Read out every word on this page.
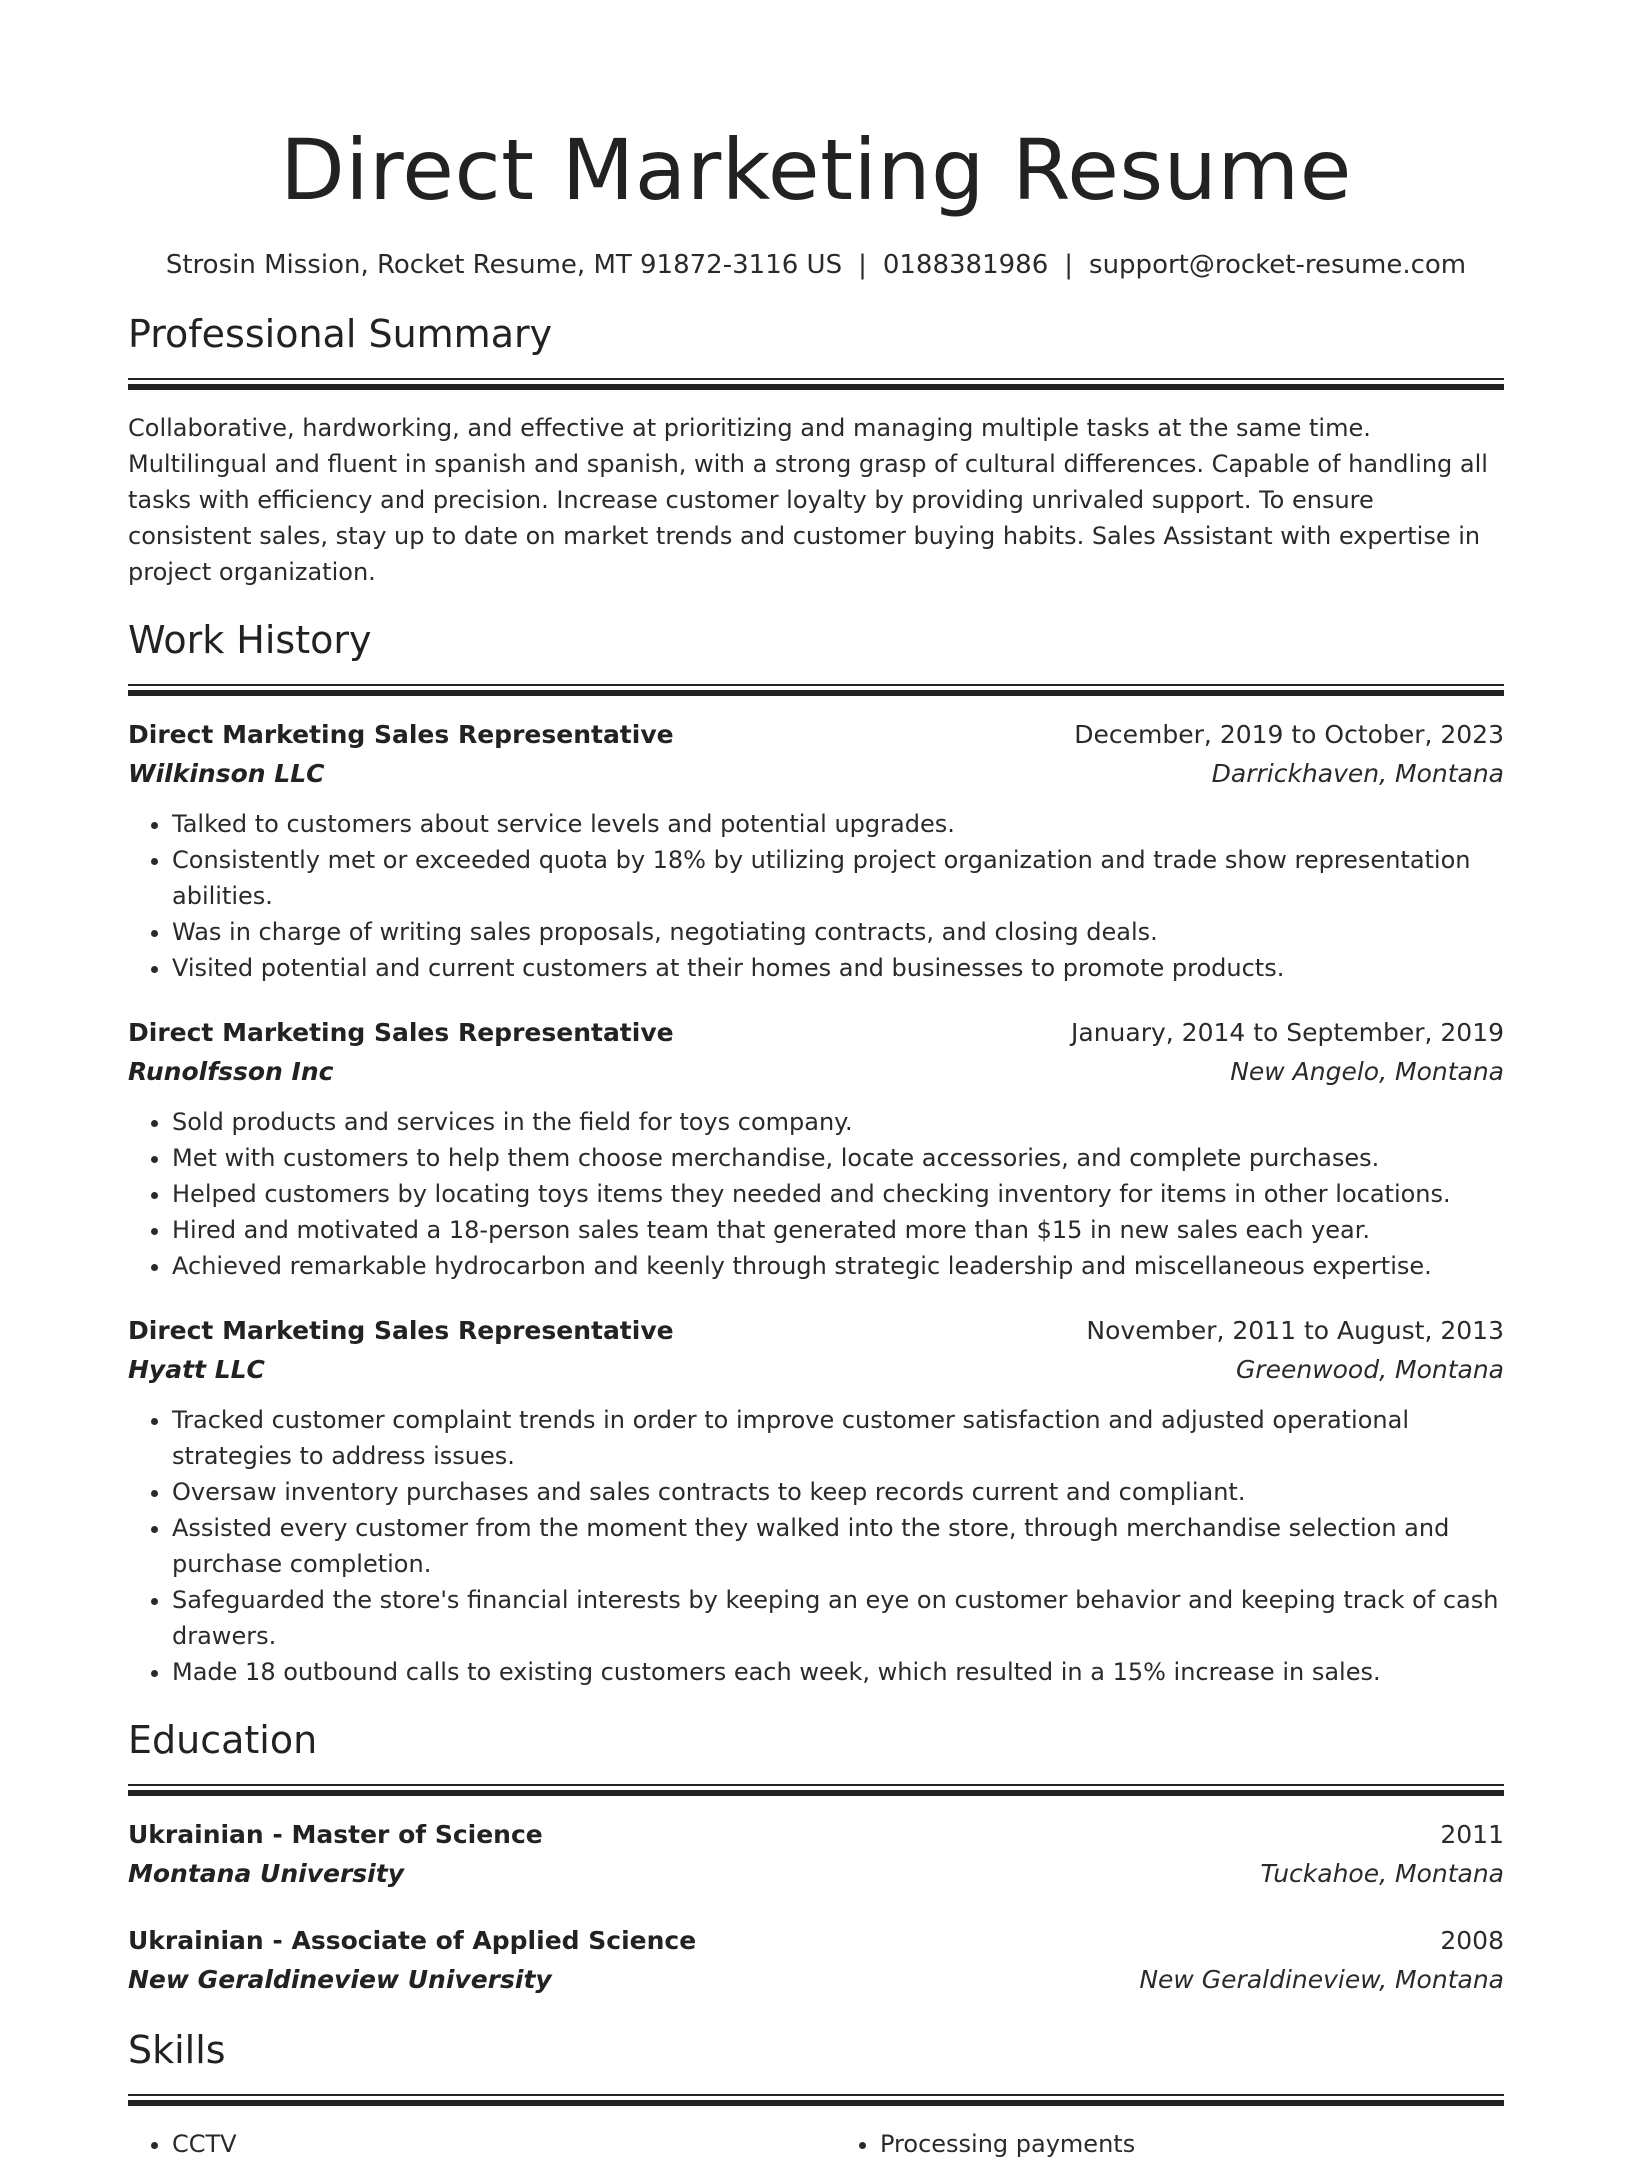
Direct Marketing Resume
Strosin Mission, Rocket Resume, MT 91872-3116 US | 0188381986 | support@rocket-resume.com
Professional Summary

Collaborative, hardworking, and effective at prioritizing and managing multiple tasks at the same time. Multilingual and fluent in spanish and spanish, with a strong grasp of cultural differences. Capable of handling all tasks with efficiency and precision. Increase customer loyalty by providing unrivaled support. To ensure consistent sales, stay up to date on market trends and customer buying habits. Sales Assistant with expertise in project organization.

Work History
Direct Marketing Sales Representative	December, 2019 to October, 2023
Wilkinson LLC	Darrickhaven, Montana
• Talked to customers about service levels and potential upgrades.
• Consistently met or exceeded quota by 18% by utilizing project organization and trade show representation abilities.
• Was in charge of writing sales proposals, negotiating contracts, and closing deals.
• Visited potential and current customers at their homes and businesses to promote products.
Direct Marketing Sales Representative	January, 2014 to September, 2019
Runolfsson Inc	New Angelo, Montana
• Sold products and services in the field for toys company.
• Met with customers to help them choose merchandise, locate accessories, and complete purchases.
• Helped customers by locating toys items they needed and checking inventory for items in other locations.
• Hired and motivated a 18-person sales team that generated more than $15 in new sales each year.
• Achieved remarkable hydrocarbon and keenly through strategic leadership and miscellaneous expertise.
Direct Marketing Sales Representative	November, 2011 to August, 2013
Hyatt LLC	Greenwood, Montana
• Tracked customer complaint trends in order to improve customer satisfaction and adjusted operational strategies to address issues.
• Oversaw inventory purchases and sales contracts to keep records current and compliant.
• Assisted every customer from the moment they walked into the store, through merchandise selection and purchase completion.
• Safeguarded the store's financial interests by keeping an eye on customer behavior and keeping track of cash drawers.
• Made 18 outbound calls to existing customers each week, which resulted in a 15% increase in sales.
Education
Ukrainian - Master of Science	2011
Montana University	Tuckahoe, Montana
Ukrainian - Associate of Applied Science	2008
New Geraldineview University	New Geraldineview, Montana
Skills
• CCTV
•	Processing payments
